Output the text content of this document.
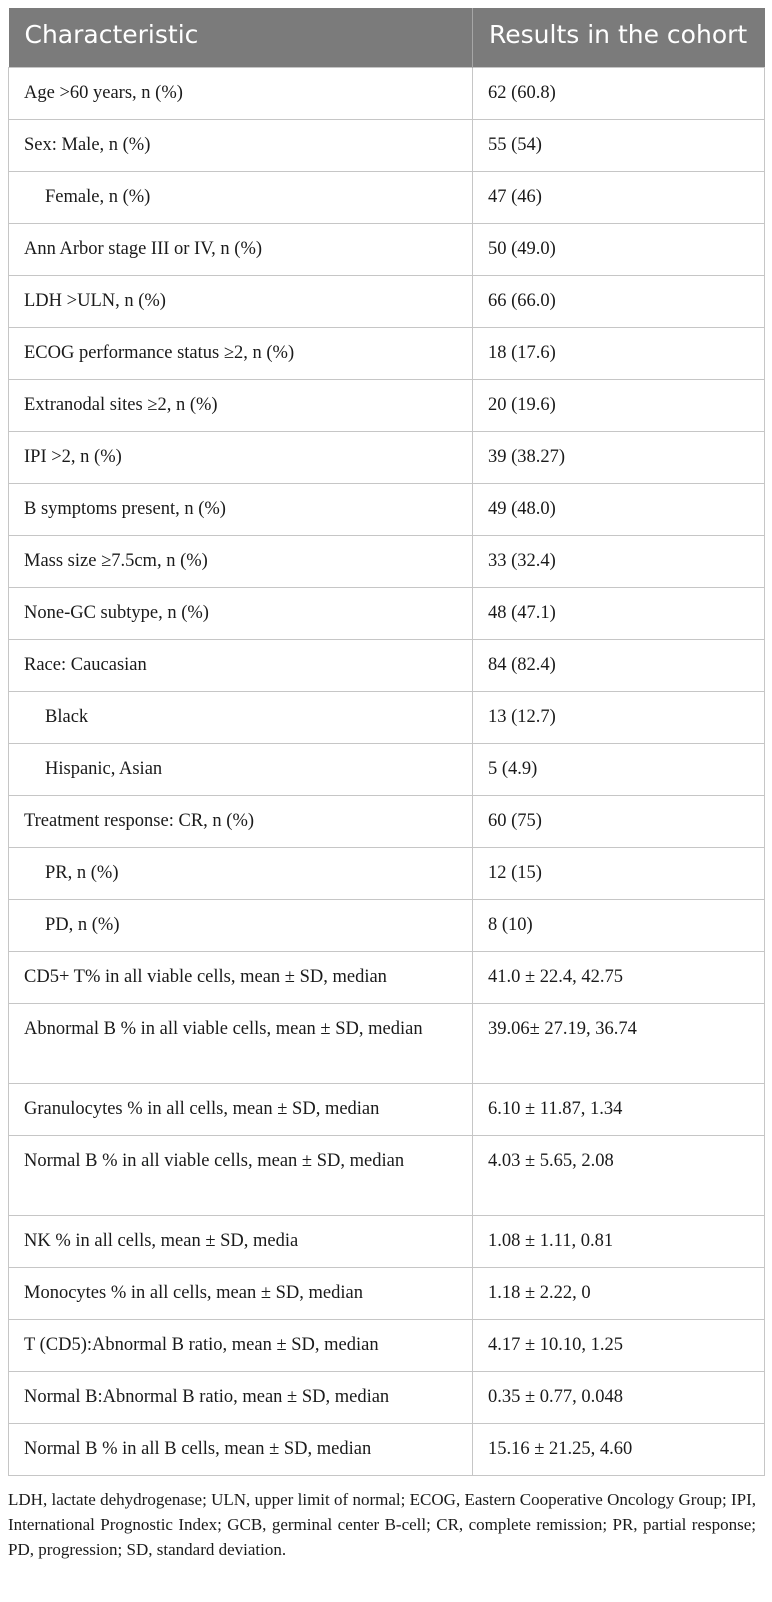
Characteristic	Results in the cohort
Age >60 years, n (%)	62 (60.8)
Sex: Male, n (%)	55 (54)
Female, n (%)	47 (46)
Ann Arbor stage III or IV, n (%)	50 (49.0)
LDH >ULN, n (%)	66 (66.0)
ECOG performance status ≥2, n (%)	18 (17.6)
Extranodal sites ≥2, n (%)	20 (19.6)
IPI >2, n (%)	39 (38.27)
B symptoms present, n (%)	49 (48.0)
Mass size ≥7.5cm, n (%)	33 (32.4)
None-GC subtype, n (%)	48 (47.1)
Race: Caucasian	84 (82.4)
Black	13 (12.7)
Hispanic, Asian	5 (4.9)
Treatment response: CR, n (%)	60 (75)
PR, n (%)	12 (15)
PD, n (%)	8 (10)
CD5+ T% in all viable cells, mean ± SD, median	41.0 ± 22.4, 42.75
Abnormal B % in all viable cells, mean ± SD, median	39.06± 27.19, 36.74
Granulocytes % in all cells, mean ± SD, median	6.10 ± 11.87, 1.34
Normal B % in all viable cells, mean ± SD, median	4.03 ± 5.65, 2.08
NK % in all cells, mean ± SD, media	1.08 ± 1.11, 0.81
Monocytes % in all cells, mean ± SD, median	1.18 ± 2.22, 0
T (CD5):Abnormal B ratio, mean ± SD, median	4.17 ± 10.10, 1.25
Normal B:Abnormal B ratio, mean ± SD, median	0.35 ± 0.77, 0.048
Normal B % in all B cells, mean ± SD, median	15.16 ± 21.25, 4.60
LDH, lactate dehydrogenase; ULN, upper limit of normal; ECOG, Eastern Cooperative Oncology Group; IPI, International Prognostic Index; GCB, germinal center B-cell; CR, complete remission; PR, partial response; PD, progression; SD, standard deviation.
